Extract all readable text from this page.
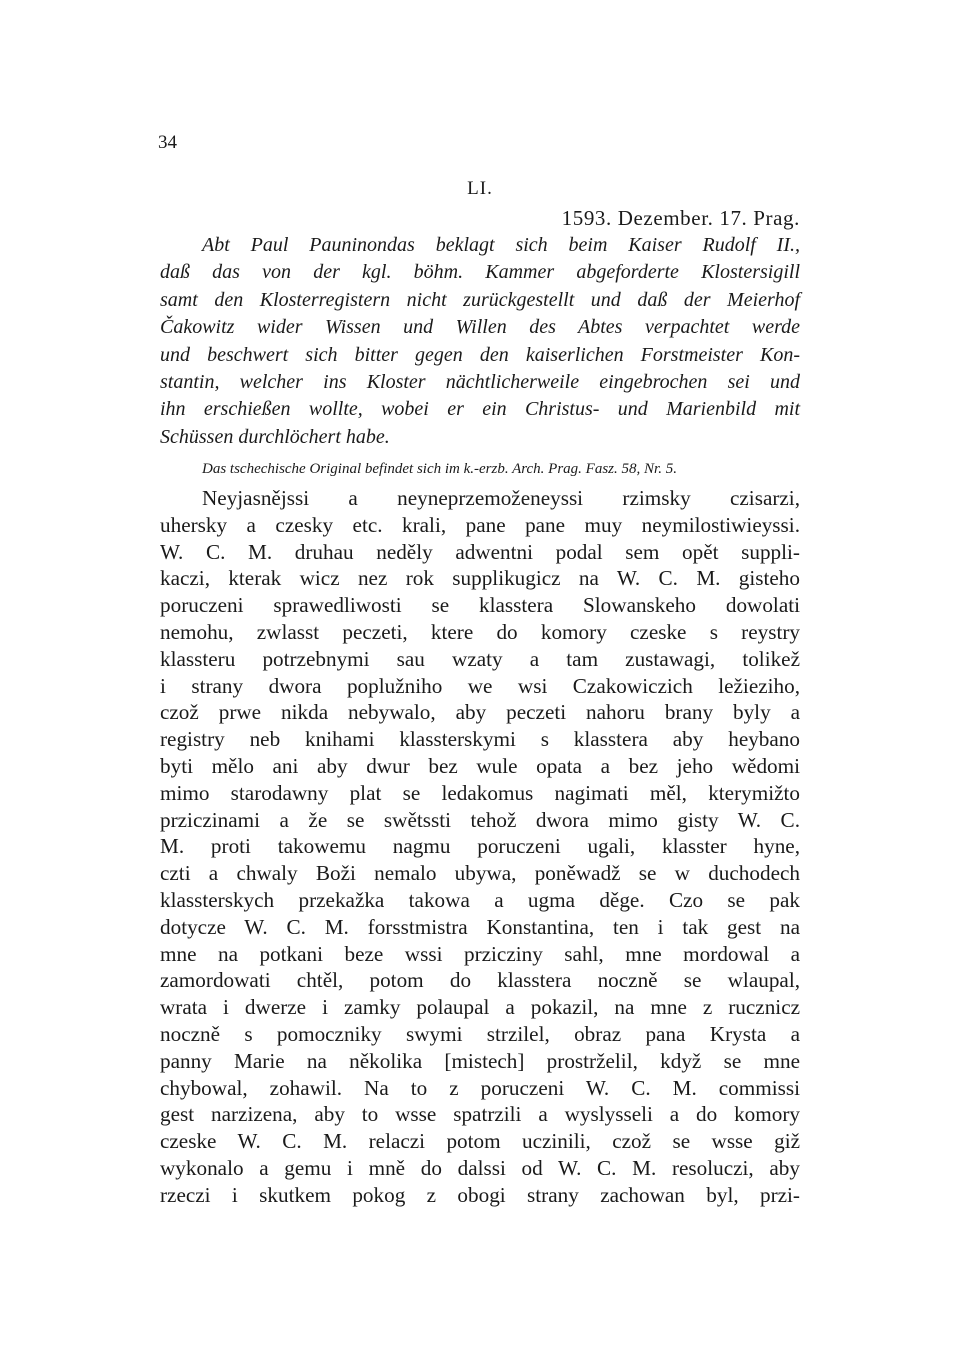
34
LI.
1593. Dezember. 17. Prag.
Abt Paul Pauninondas beklagt sich beim Kaiser Rudolf II.,
daß das von der kgl. böhm. Kammer abgeforderte Klostersigill
samt den Klosterregistern nicht zurückgestellt und daß der Meierhof
Čakowitz wider Wissen und Willen des Abtes verpachtet werde
und beschwert sich bitter gegen den kaiserlichen Forstmeister Kon-
stantin, welcher ins Kloster nächtlicherweile eingebrochen sei und
ihn erschießen wollte, wobei er ein Christus- und Marienbild mit
Schüssen durchlöchert habe.
Das tschechische Original befindet sich im k.-erzb. Arch. Prag. Fasz. 58, Nr. 5.
Neyjasnějssi a neyneprzemoženeyssi rzimsky czisarzi,
uhersky a czesky etc. krali, pane pane muy neymilostiwieyssi.
W. C. M. druhau neděly adwentni podal sem opět suppli-
kaczi, kterak wicz nez rok supplikugicz na W. C. M. gisteho
poruczeni sprawedliwosti se klasstera Slowanskeho dowolati
nemohu, zwlasst peczeti, ktere do komory czeske s reystry
klassteru potrzebnymi sau wzaty a tam zustawagi, tolikež
i strany dwora poplužniho we wsi Czakowiczich ležieziho,
czož prwe nikda nebywalo, aby peczeti nahoru brany byly a
registry neb knihami klassterskymi s klasstera aby heybano
byti mělo ani aby dwur bez wule opata a bez jeho wědomi
mimo starodawny plat se ledakomus nagimati měl, kterymižto
prziczinami a že se swětssti tehož dwora mimo gisty W. C.
M. proti takowemu nagmu poruczeni ugali, klasster hyne,
czti a chwaly Boži nemalo ubywa, poněwadž se w duchodech
klassterskych przekažka takowa a ugma děge. Czo se pak
dotycze W. C. M. forsstmistra Konstantina, ten i tak gest na
mne na potkani beze wssi prziczinу sahl, mne mordowal a
zamordowati chtěl, potom do klasstera noczně se wlaupal,
wrata i dwerze i zamky polaupal a pokazil, na mne z rucznicz
noczně s pomoczniky swymi strzilel, obraz pana Krysta a
panny Marie na několika [mistech] prostrželil, když se mne
chybowal, zohawil. Na to z poruczeni W. C. M. commissi
gest narzizena, aby to wsse spatrzili a wyslysseli a do komory
czeske W. C. M. relaczi potom uczinili, czož se wsse giž
wykonalo a gemu i mně do dalssi od W. C. M. resoluczi, aby
rzeczi i skutkem pokog z obogi strany zachowan byl, przi-
